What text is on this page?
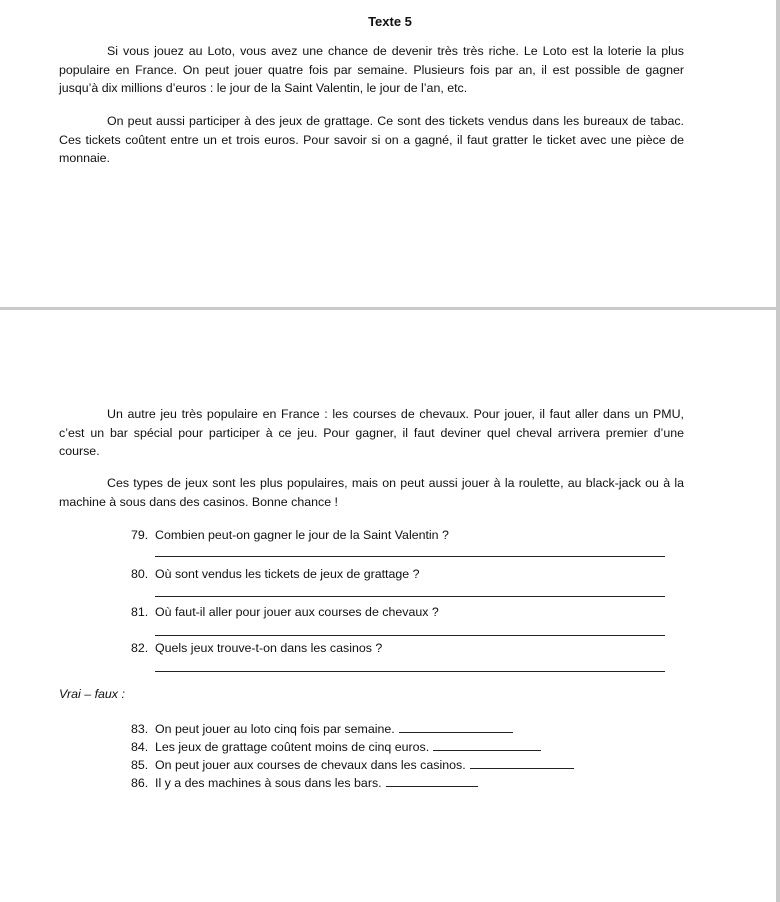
Texte 5

Si vous jouez au Loto, vous avez une chance de devenir très très riche. Le Loto est la loterie la plus populaire en France. On peut jouer quatre fois par semaine. Plusieurs fois par an, il est possible de gagner jusqu’à dix millions d’euros : le jour de la Saint Valentin, le jour de l’an, etc.

On peut aussi participer à des jeux de grattage. Ce sont des tickets vendus dans les bureaux de tabac. Ces tickets coûtent entre un et trois euros. Pour savoir si on a gagné, il faut gratter le ticket avec une pièce de monnaie.

Un autre jeu très populaire en France : les courses de chevaux. Pour jouer, il faut aller dans un PMU, c’est un bar spécial pour participer à ce jeu. Pour gagner, il faut deviner quel cheval arrivera premier d’une course.

Ces types de jeux sont les plus populaires, mais on peut aussi jouer à la roulette, au black-jack ou à la machine à sous dans des casinos. Bonne chance !

79. Combien peut-on gagner le jour de la Saint Valentin ?
80. Où sont vendus les tickets de jeux de grattage ?
81. Où faut-il aller pour jouer aux courses de chevaux ?
82. Quels jeux trouve-t-on dans les casinos ?
Vrai – faux :
83. On peut jouer au loto cinq fois par semaine.
84. Les jeux de grattage coûtent moins de cinq euros.
85. On peut jouer aux courses de chevaux dans les casinos.
86. Il y a des machines à sous dans les bars.
